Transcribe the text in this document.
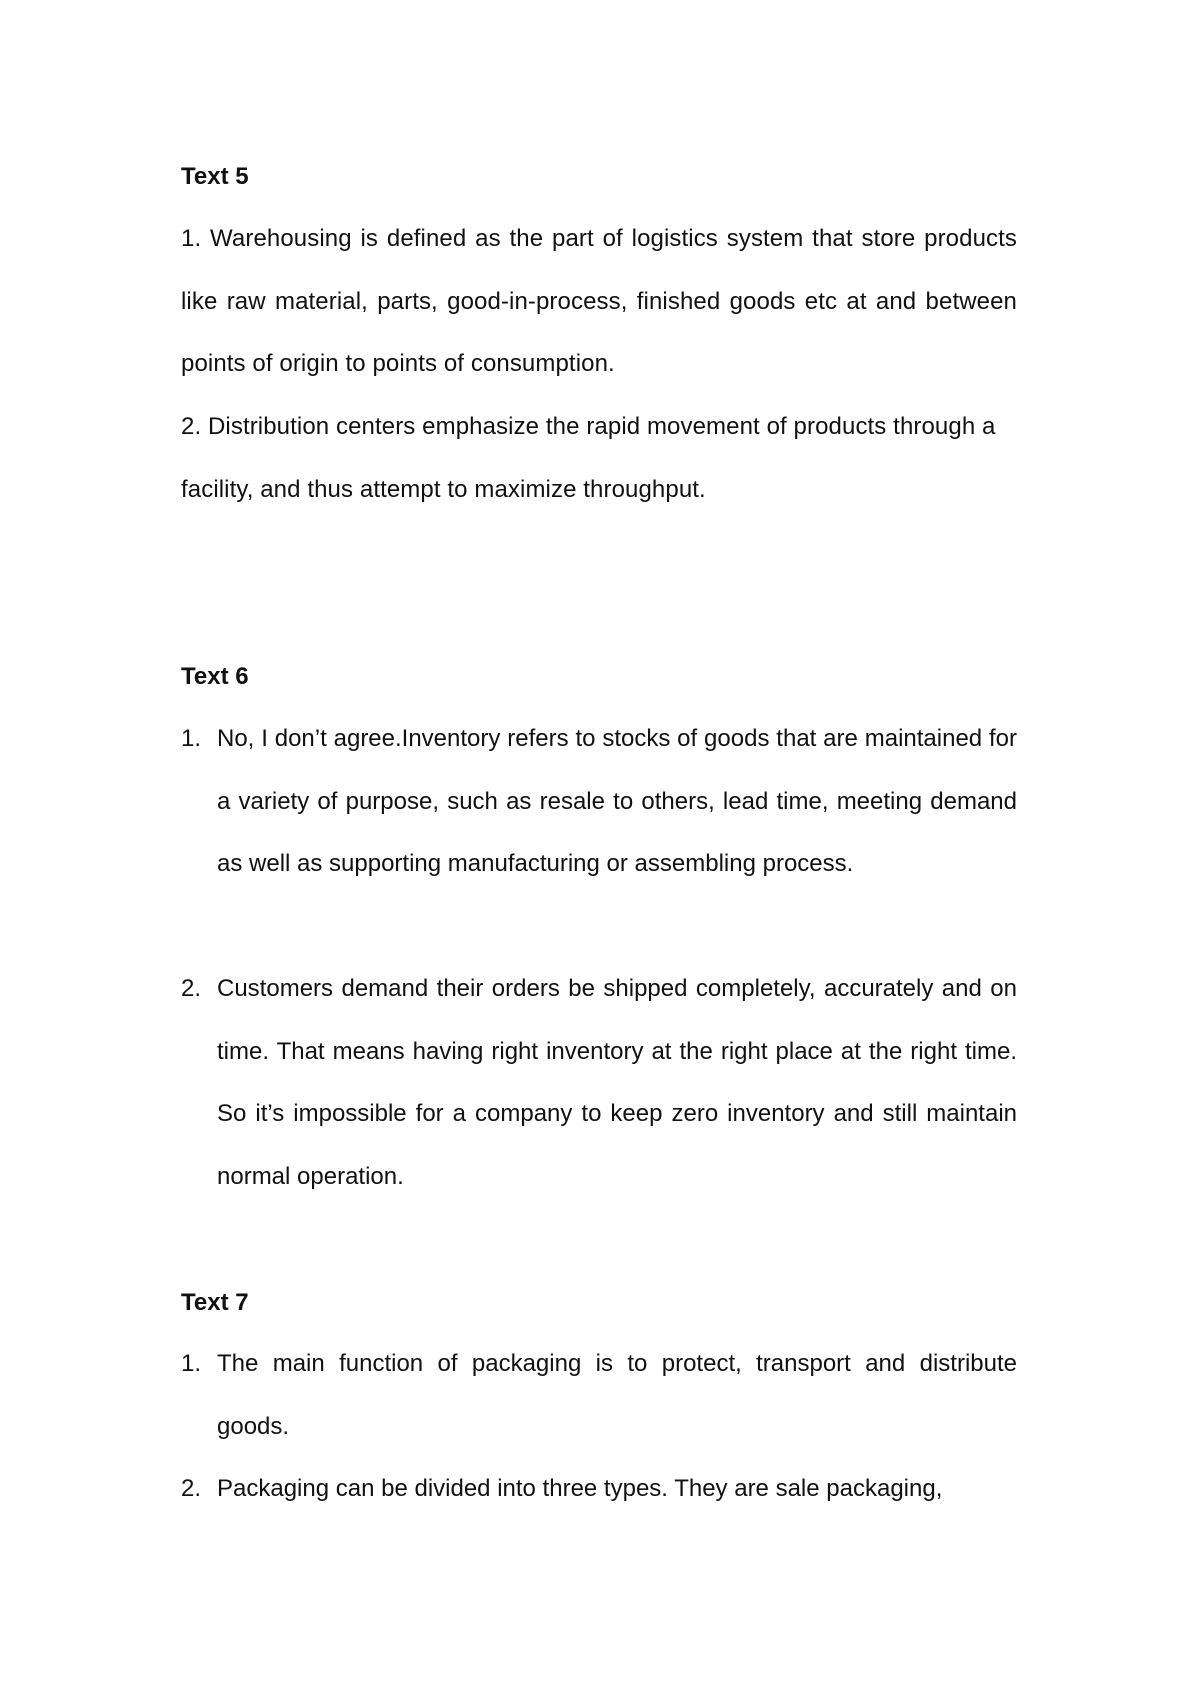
Text 5

1. Warehousing is defined as the part of logistics system that store products like raw material, parts, good-in-process, finished goods etc at and between points of origin to points of consumption.

2. Distribution centers emphasize the rapid movement of products through a facility, and thus attempt to maximize throughput.

Text 6
1. No, I don’t agree.Inventory refers to stocks of goods that are maintained for a variety of purpose, such as resale to others, lead time, meeting demand as well as supporting manufacturing or assembling process.
2. Customers demand their orders be shipped completely, accurately and on time. That means having right inventory at the right place at the right time. So it’s impossible for a company to keep zero inventory and still maintain normal operation.
Text 7
1. The main function of packaging is to protect, transport and distribute goods.
2. Packaging can be divided into three types. They are sale packaging,
